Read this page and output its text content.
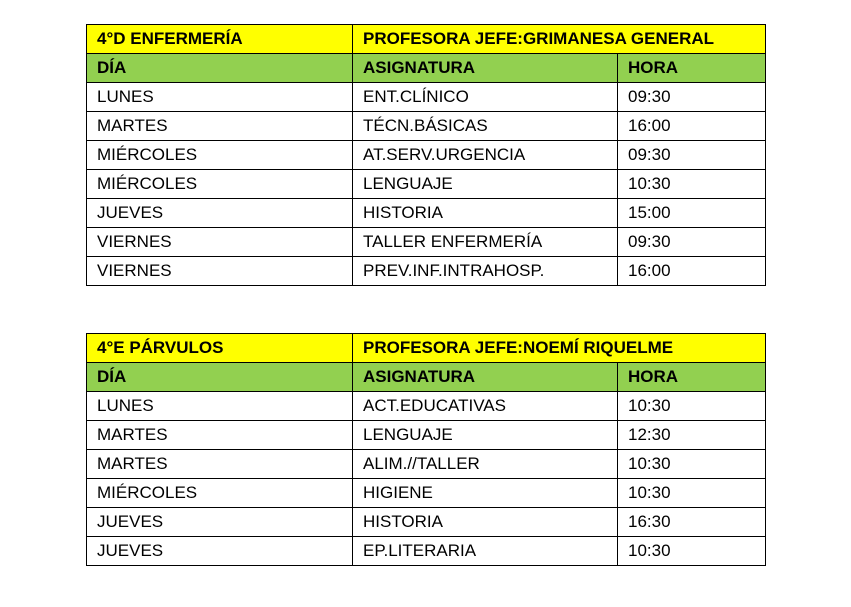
4°D ENFERMERÍA	PROFESORA JEFE:GRIMANESA GENERAL	
DÍA	ASIGNATURA	HORA
LUNES	ENT.CLÍNICO	09:30
MARTES	TÉCN.BÁSICAS	16:00
MIÉRCOLES	AT.SERV.URGENCIA	09:30
MIÉRCOLES	LENGUAJE	10:30
JUEVES	HISTORIA	15:00
VIERNES	TALLER ENFERMERÍA	09:30
VIERNES	PREV.INF.INTRAHOSP.	16:00
4°E PÁRVULOS	PROFESORA JEFE:NOEMÍ RIQUELME	
DÍA	ASIGNATURA	HORA
LUNES	ACT.EDUCATIVAS	10:30
MARTES	LENGUAJE	12:30
MARTES	ALIM.//TALLER	10:30
MIÉRCOLES	HIGIENE	10:30
JUEVES	HISTORIA	16:30
JUEVES	EP.LITERARIA	10:30
